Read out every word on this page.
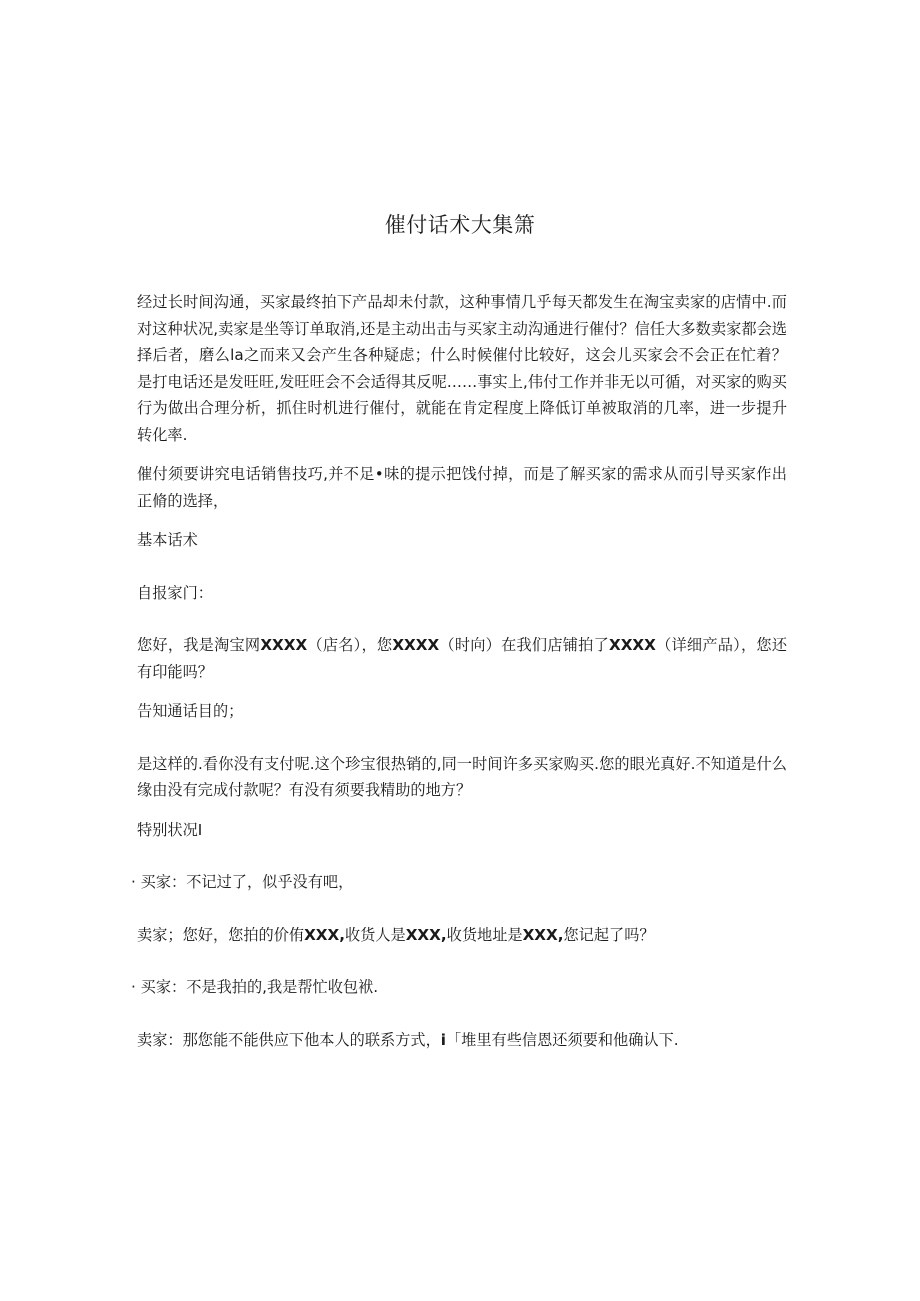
催付话术大集箫

经过长时间沟通，买家最终拍下产品却未付款，这种事情几乎每天都发生在淘宝卖家的店情中.而对这种状况,卖家是坐等订单取消,还是主动出击与买家主动沟通进行催付？信任大多数卖家都会选择后者，磨么la之而来又会产生各种疑虑；什么时候催付比较好，这会儿买家会不会正在忙着？是打电话还是发旺旺,发旺旺会不会适得其反呢……事实上,伟付工作并非无以可循，对买家的购买行为做出合理分析，抓住时机进行催付，就能在肯定程度上降低订单被取消的几率，进一步提升转化率.

催付须要讲究电话销售技巧,并不足•味的提示把饯付掉，而是了解买家的需求从而引导买家作出正脩的选择，

基本话术

自报家门：

您好，我是淘宝网XXXX（店名），您XXXX（时向）在我们店铺拍了XXXX（详细产品），您还有印能吗？

告知通话目的；

是这样的.看你没有支付呢.这个珍宝很热销的,同一时间许多买家购买.您的眼光真好.不知道是什么缘由没有完成付款呢？有没有须要我精助的地方？

特别状况I

· 买家：不记过了，似乎没有吧，

卖家；您好，您拍的价侑XXX,收货人是XXX,收货地址是XXX,您记起了吗？

· 买家：不是我拍的,我是帮忙收包袱.

卖家：那您能不能供应下他本人的联系方式，i「堆里有些信恩还须要和他确认下.
